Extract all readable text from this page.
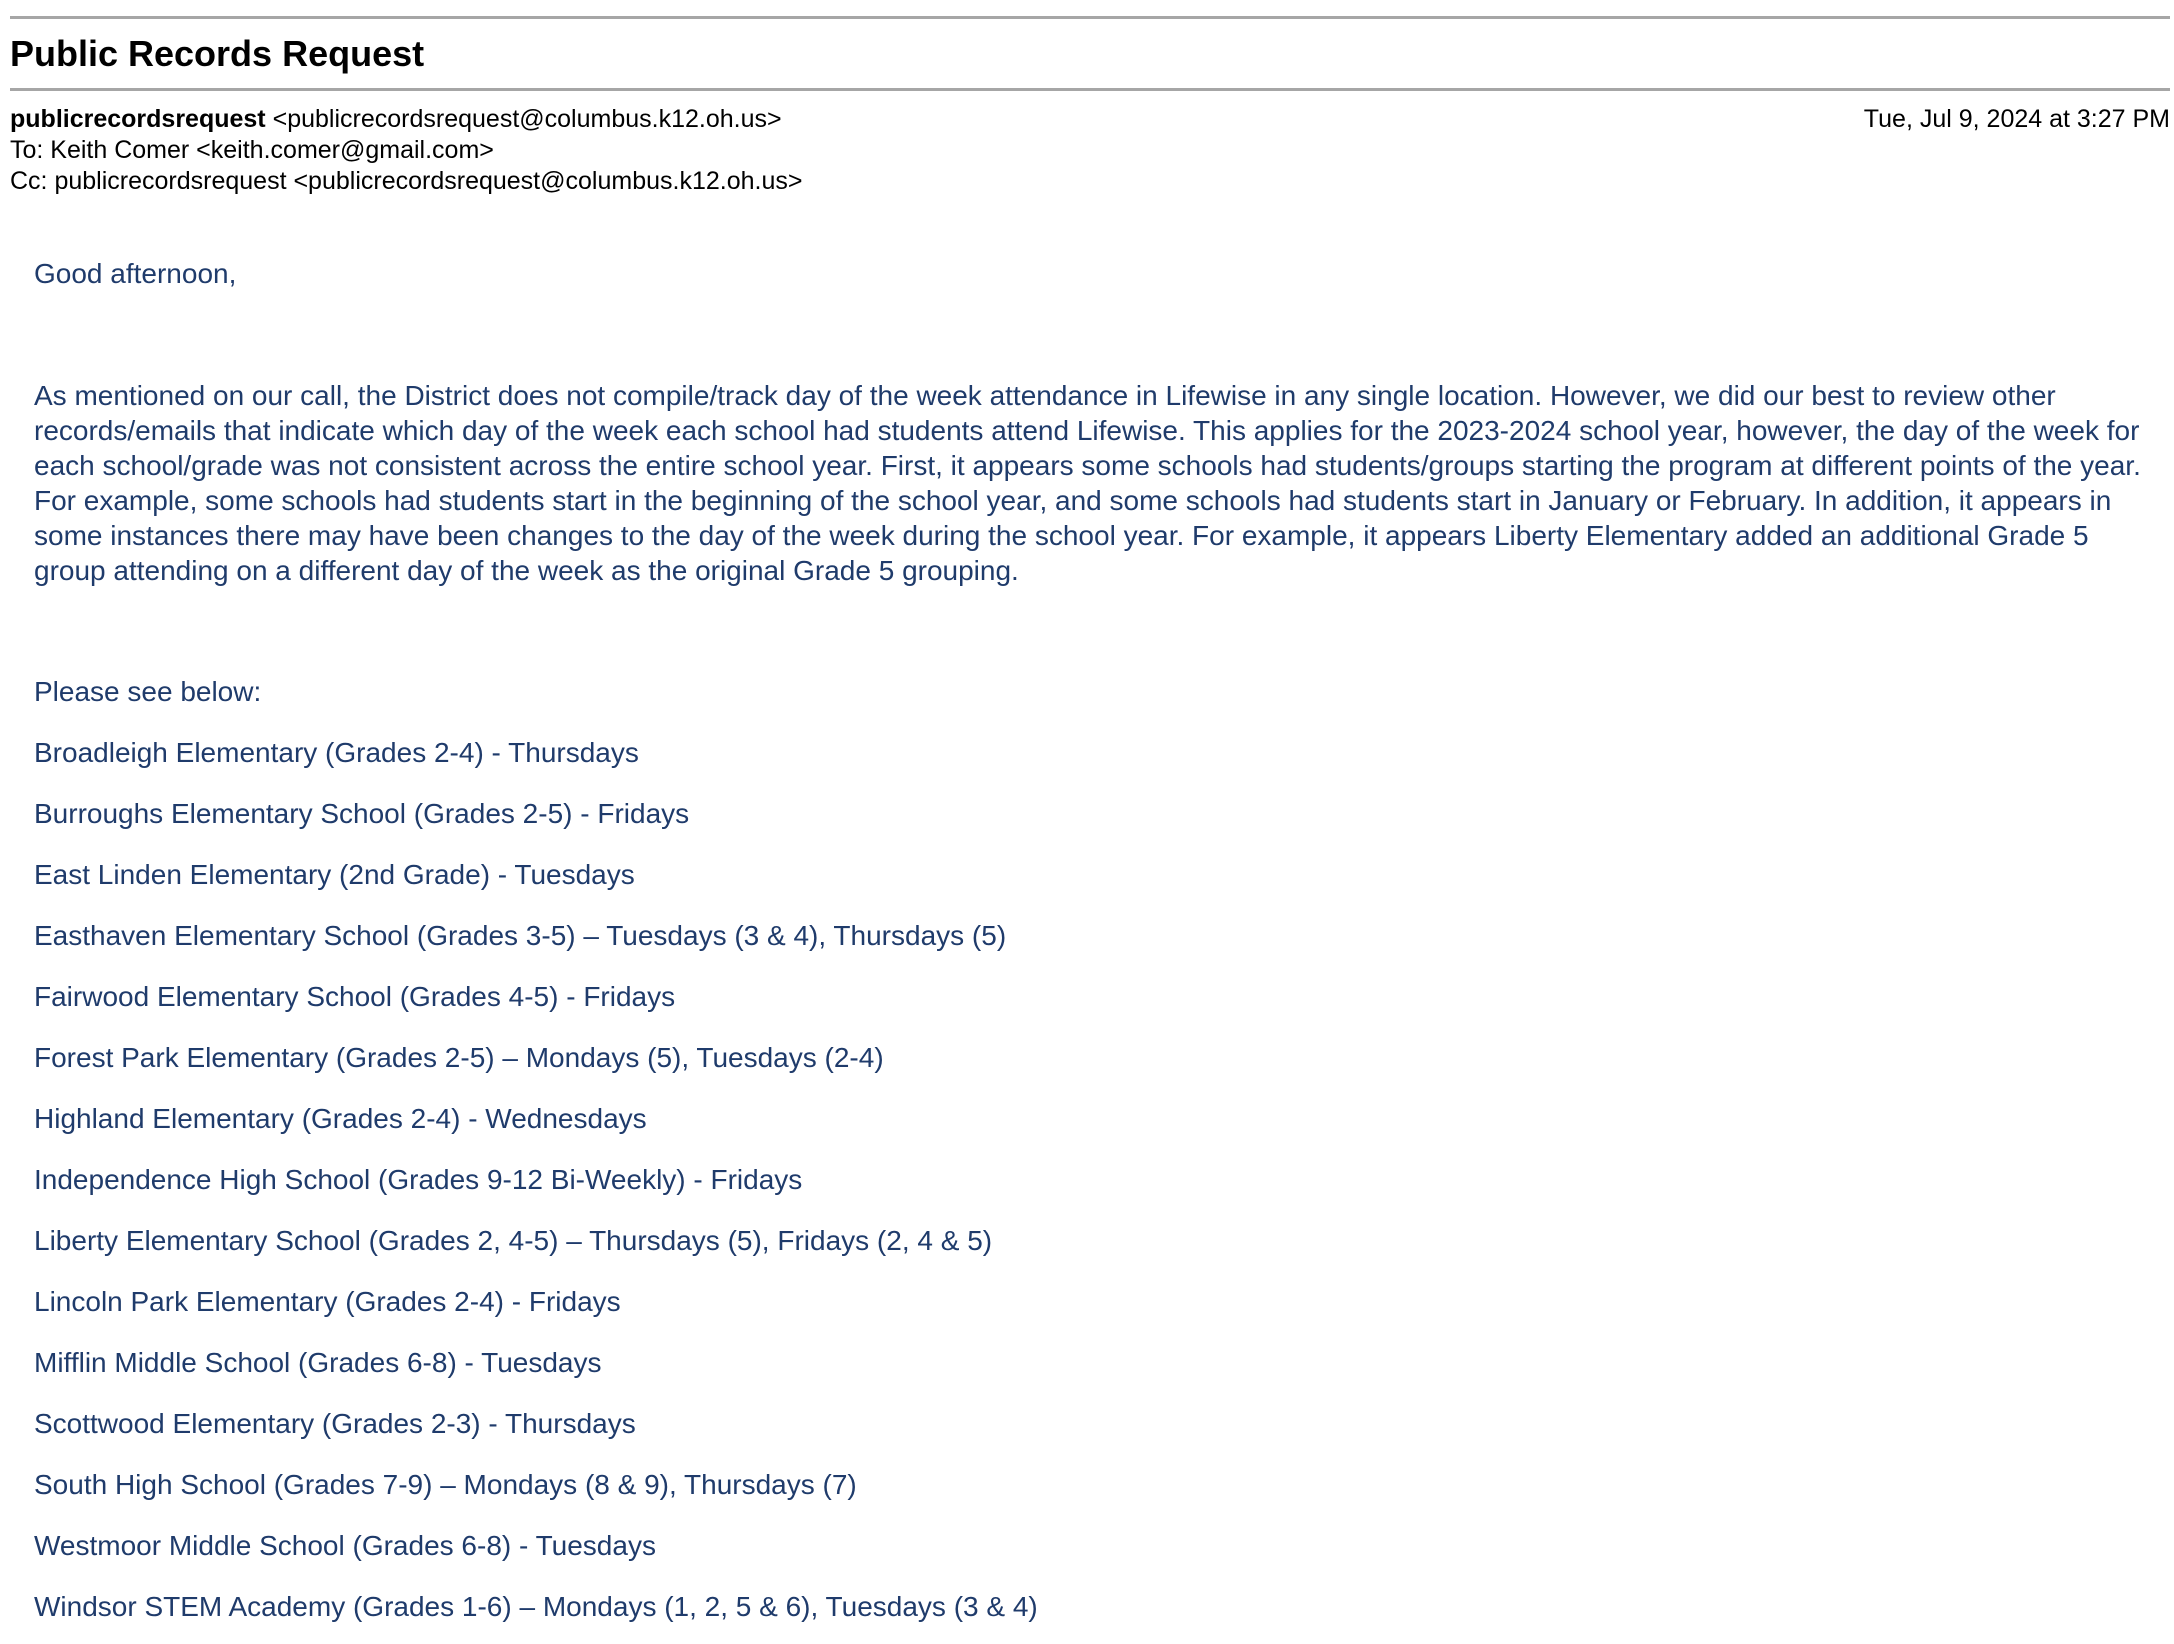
Public Records Request
publicrecordsrequest <publicrecordsrequest@columbus.k12.oh.us>	Tue, Jul 9, 2024 at 3:27 PM
To: Keith Comer <keith.comer@gmail.com>
Cc: publicrecordsrequest <publicrecordsrequest@columbus.k12.oh.us>

Good afternoon,

As mentioned on our call, the District does not compile/track day of the week attendance in Lifewise in any single location. However, we did our best to review other records/emails that indicate which day of the week each school had students attend Lifewise. This applies for the 2023-2024 school year, however, the day of the week for each school/grade was not consistent across the entire school year. First, it appears some schools had students/groups starting the program at different points of the year. For example, some schools had students start in the beginning of the school year, and some schools had students start in January or February. In addition, it appears in some instances there may have been changes to the day of the week during the school year. For example, it appears Liberty Elementary added an additional Grade 5 group attending on a different day of the week as the original Grade 5 grouping.

Please see below:

Broadleigh Elementary (Grades 2-4) - Thursdays
Burroughs Elementary School (Grades 2-5) - Fridays
East Linden Elementary (2nd Grade) - Tuesdays
Easthaven Elementary School (Grades 3-5) – Tuesdays (3 & 4), Thursdays (5)
Fairwood Elementary School (Grades 4-5) - Fridays
Forest Park Elementary (Grades 2-5) – Mondays (5), Tuesdays (2-4)
Highland Elementary (Grades 2-4) - Wednesdays
Independence High School (Grades 9-12 Bi-Weekly) - Fridays
Liberty Elementary School (Grades 2, 4-5) – Thursdays (5), Fridays (2, 4 & 5)
Lincoln Park Elementary (Grades 2-4) - Fridays
Mifflin Middle School (Grades 6-8) - Tuesdays
Scottwood Elementary (Grades 2-3) - Thursdays
South High School (Grades 7-9) – Mondays (8 & 9), Thursdays (7)
Westmoor Middle School (Grades 6-8) - Tuesdays
Windsor STEM Academy (Grades 1-6) – Mondays (1, 2, 5 & 6), Tuesdays (3 & 4)
